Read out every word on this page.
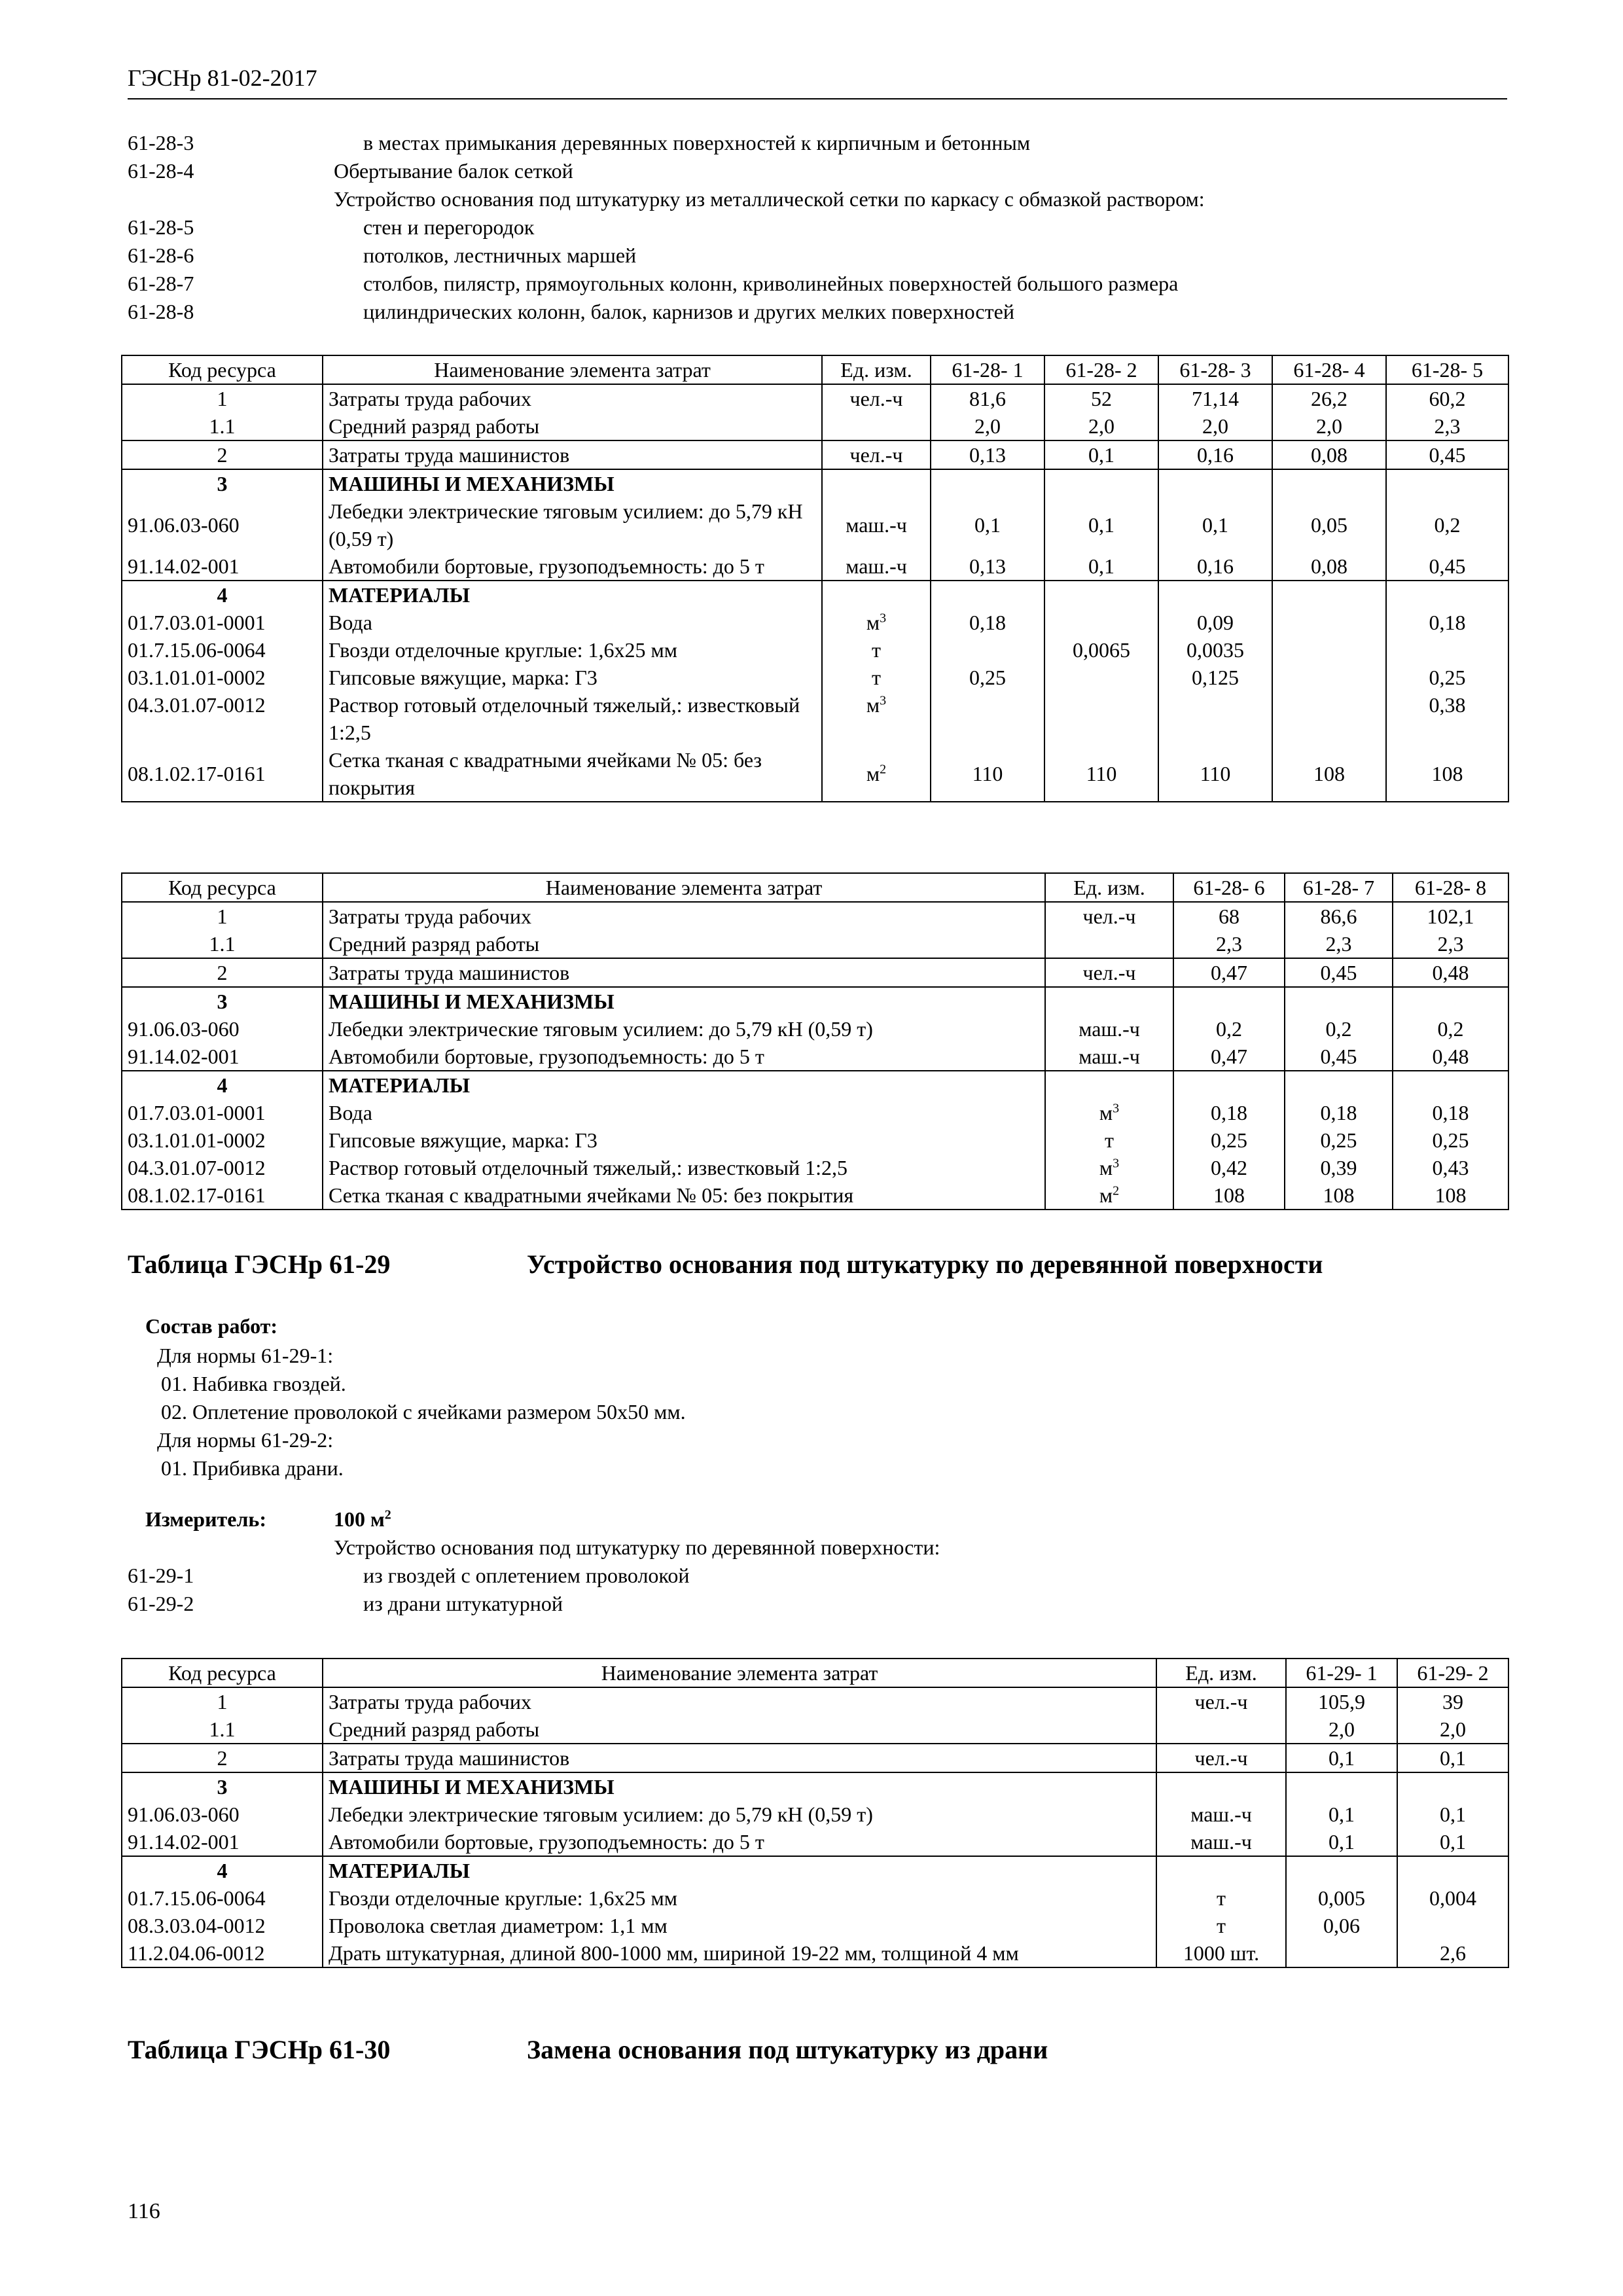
ГЭСНр 81-02-2017
61-28-3	в местах примыкания деревянных поверхностей к кирпичным и бетонным
61-28-4	Обертывание балок сеткой
Устройство основания под штукатурку из металлической сетки по каркасу с обмазкой раствором:
61-28-5	стен и перегородок
61-28-6	потолков, лестничных маршей
61-28-7	столбов, пилястр, прямоугольных колонн, криволинейных поверхностей большого размера
61-28-8	цилиндрических колонн, балок, карнизов и других мелких поверхностей
Код ресурса	Наименование элемента затрат	Ед. изм.	61-28- 1	61-28- 2	61-28- 3	61-28- 4	61-28- 5
1	Затраты труда рабочих	чел.-ч	81,6	52	71,14	26,2	60,2
1.1	Средний разряд работы		2,0	2,0	2,0	2,0	2,3
2	Затраты труда машинистов	чел.-ч	0,13	0,1	0,16	0,08	0,45
3	МАШИНЫ И МЕХАНИЗМЫ						
91.06.03-060	Лебедки электрические тяговым усилием: до 5,79 кН (0,59 т)	маш.-ч	0,1	0,1	0,1	0,05	0,2
91.14.02-001	Автомобили бортовые, грузоподъемность: до 5 т	маш.-ч	0,13	0,1	0,16	0,08	0,45
4	МАТЕРИАЛЫ						
01.7.03.01-0001	Вода	$м^3$	0,18		0,09		0,18
01.7.15.06-0064	Гвозди отделочные круглые: 1,6х25 мм	т		0,0065	0,0035		
03.1.01.01-0002	Гипсовые вяжущие, марка: Г3	т	0,25		0,125		0,25
04.3.01.07-0012	Раствор готовый отделочный тяжелый,: известковый 1:2,5	$м^3$					0,38
08.1.02.17-0161	Сетка тканая с квадратными ячейками № 05: без покрытия	$м^2$	110	110	110	108	108
Код ресурса	Наименование элемента затрат	Ед. изм.	61-28- 6	61-28- 7	61-28- 8
1	Затраты труда рабочих	чел.-ч	68	86,6	102,1
1.1	Средний разряд работы		2,3	2,3	2,3
2	Затраты труда машинистов	чел.-ч	0,47	0,45	0,48
3	МАШИНЫ И МЕХАНИЗМЫ				
91.06.03-060	Лебедки электрические тяговым усилием: до 5,79 кН (0,59 т)	маш.-ч	0,2	0,2	0,2
91.14.02-001	Автомобили бортовые, грузоподъемность: до 5 т	маш.-ч	0,47	0,45	0,48
4	МАТЕРИАЛЫ				
01.7.03.01-0001	Вода	$м^3$	0,18	0,18	0,18
03.1.01.01-0002	Гипсовые вяжущие, марка: Г3	т	0,25	0,25	0,25
04.3.01.07-0012	Раствор готовый отделочный тяжелый,: известковый 1:2,5	$м^3$	0,42	0,39	0,43
08.1.02.17-0161	Сетка тканая с квадратными ячейками № 05: без покрытия	$м^2$	108	108	108
Таблица ГЭСНр 61-29	Устройство основания под штукатурку по деревянной поверхности
Состав работ:
Для нормы 61-29-1:
01. Набивка гвоздей.
02. Оплетение проволокой с ячейками размером 50х50 мм.
Для нормы 61-29-2:
01. Прибивка драни.
Измеритель:	100 $м^2$
Устройство основания под штукатурку по деревянной поверхности:
61-29-1	из гвоздей с оплетением проволокой
61-29-2	из драни штукатурной
Код ресурса	Наименование элемента затрат	Ед. изм.	61-29- 1	61-29- 2
1	Затраты труда рабочих	чел.-ч	105,9	39
1.1	Средний разряд работы		2,0	2,0
2	Затраты труда машинистов	чел.-ч	0,1	0,1
3	МАШИНЫ И МЕХАНИЗМЫ			
91.06.03-060	Лебедки электрические тяговым усилием: до 5,79 кН (0,59 т)	маш.-ч	0,1	0,1
91.14.02-001	Автомобили бортовые, грузоподъемность: до 5 т	маш.-ч	0,1	0,1
4	МАТЕРИАЛЫ			
01.7.15.06-0064	Гвозди отделочные круглые: 1,6х25 мм	т	0,005	0,004
08.3.03.04-0012	Проволока светлая диаметром: 1,1 мм	т	0,06	
11.2.04.06-0012	Драть штукатурная, длиной 800-1000 мм, шириной 19-22 мм, толщиной 4 мм	1000 шт.		2,6
Таблица ГЭСНр 61-30	Замена основания под штукатурку из драни
116
